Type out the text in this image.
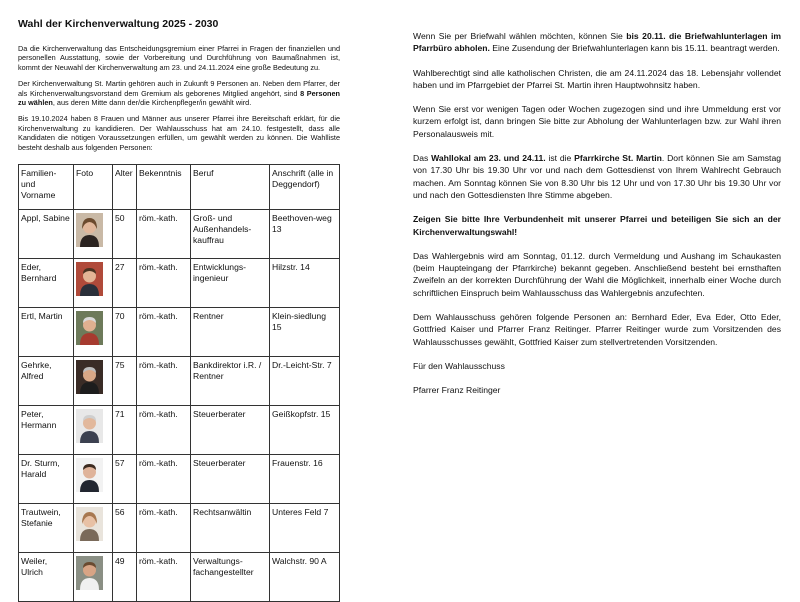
Wahl der Kirchenverwaltung 2025 - 2030

Da die Kirchenverwaltung das Entscheidungsgremium einer Pfarrei in Fragen der finanziellen und personellen Ausstattung, sowie der Vorbereitung und Durchführung von Baumaßnahmen ist, kommt der Neuwahl der Kirchenverwaltung am 23. und 24.11.2024 eine große Bedeutung zu.

Der Kirchenverwaltung St. Martin gehören auch in Zukunft 9 Personen an. Neben dem Pfarrer, der als Kirchenverwaltungsvorstand dem Gremium als geborenes Mitglied angehört, sind 8 Personen zu wählen, aus deren Mitte dann der/die Kirchenpfleger/in gewählt wird.

Bis 19.10.2024 haben 8 Frauen und Männer aus unserer Pfarrei ihre Bereitschaft erklärt, für die Kirchenverwaltung zu kandidieren. Der Wahlausschuss hat am 24.10. festgestellt, dass alle Kandidaten die nötigen Voraussetzungen erfüllen, um gewählt werden zu können. Die Wahlliste besteht deshalb aus folgenden Personen:

Familien- und Vorname	Foto	Alter	Bekenntnis	Beruf	Anschrift (alle in Deggendorf)
Appl, Sabine		50	röm.-kath.	Groß- und Außenhandels-kauffrau	Beethoven-weg 13
Eder, Bernhard		27	röm.-kath.	Entwicklungs-ingenieur	Hilzstr. 14
Ertl, Martin		70	röm.-kath.	Rentner	Klein-siedlung 15
Gehrke, Alfred		75	röm.-kath.	Bankdirektor i.R. / Rentner	Dr.-Leicht-Str. 7
Peter, Hermann		71	röm.-kath.	Steuerberater	Geißkopfstr. 15
Dr. Sturm, Harald		57	röm.-kath.	Steuerberater	Frauenstr. 16
Trautwein, Stefanie		56	röm.-kath.	Rechtsanwältin	Unteres Feld 7
Weiler, Ulrich		49	röm.-kath.	Verwaltungs-fachangestellter	Walchstr. 90 A

Wenn Sie per Briefwahl wählen möchten, können Sie bis 20.11. die Briefwahlunterlagen im Pfarrbüro abholen. Eine Zusendung der Briefwahlunterlagen kann bis 15.11. beantragt werden.

Wahlberechtigt sind alle katholischen Christen, die am 24.11.2024 das 18. Lebensjahr vollendet haben und im Pfarrgebiet der Pfarrei St. Martin ihren Hauptwohnsitz haben.

Wenn Sie erst vor wenigen Tagen oder Wochen zugezogen sind und ihre Ummeldung erst vor kurzem erfolgt ist, dann bringen Sie bitte zur Abholung der Wahlunterlagen bzw. zur Wahl ihren Personalausweis mit.

Das Wahllokal am 23. und 24.11. ist die Pfarrkirche St. Martin. Dort können Sie am Samstag von 17.30 Uhr bis 19.30 Uhr vor und nach dem Gottesdienst von Ihrem Wahlrecht Gebrauch machen. Am Sonntag können Sie von 8.30 Uhr bis 12 Uhr und von 17.30 Uhr bis 19.30 Uhr vor und nach den Gottesdiensten Ihre Stimme abgeben.

Zeigen Sie bitte Ihre Verbundenheit mit unserer Pfarrei und beteiligen Sie sich an der Kirchenverwaltungswahl!

Das Wahlergebnis wird am Sonntag, 01.12. durch Vermeldung und Aushang im Schaukasten (beim Haupteingang der Pfarrkirche) bekannt gegeben. Anschließend besteht bei ernsthaften Zweifeln an der korrekten Durchführung der Wahl die Möglichkeit, innerhalb einer Woche durch schriftlichen Einspruch beim Wahlausschuss das Wahlergebnis anzufechten.

Dem Wahlausschuss gehören folgende Personen an: Bernhard Eder, Eva Eder, Otto Eder, Gottfried Kaiser und Pfarrer Franz Reitinger. Pfarrer Reitinger wurde zum Vorsitzenden des Wahlausschusses gewählt, Gottfried Kaiser zum stellvertretenden Vorsitzenden.

Für den Wahlausschuss

Pfarrer Franz Reitinger
